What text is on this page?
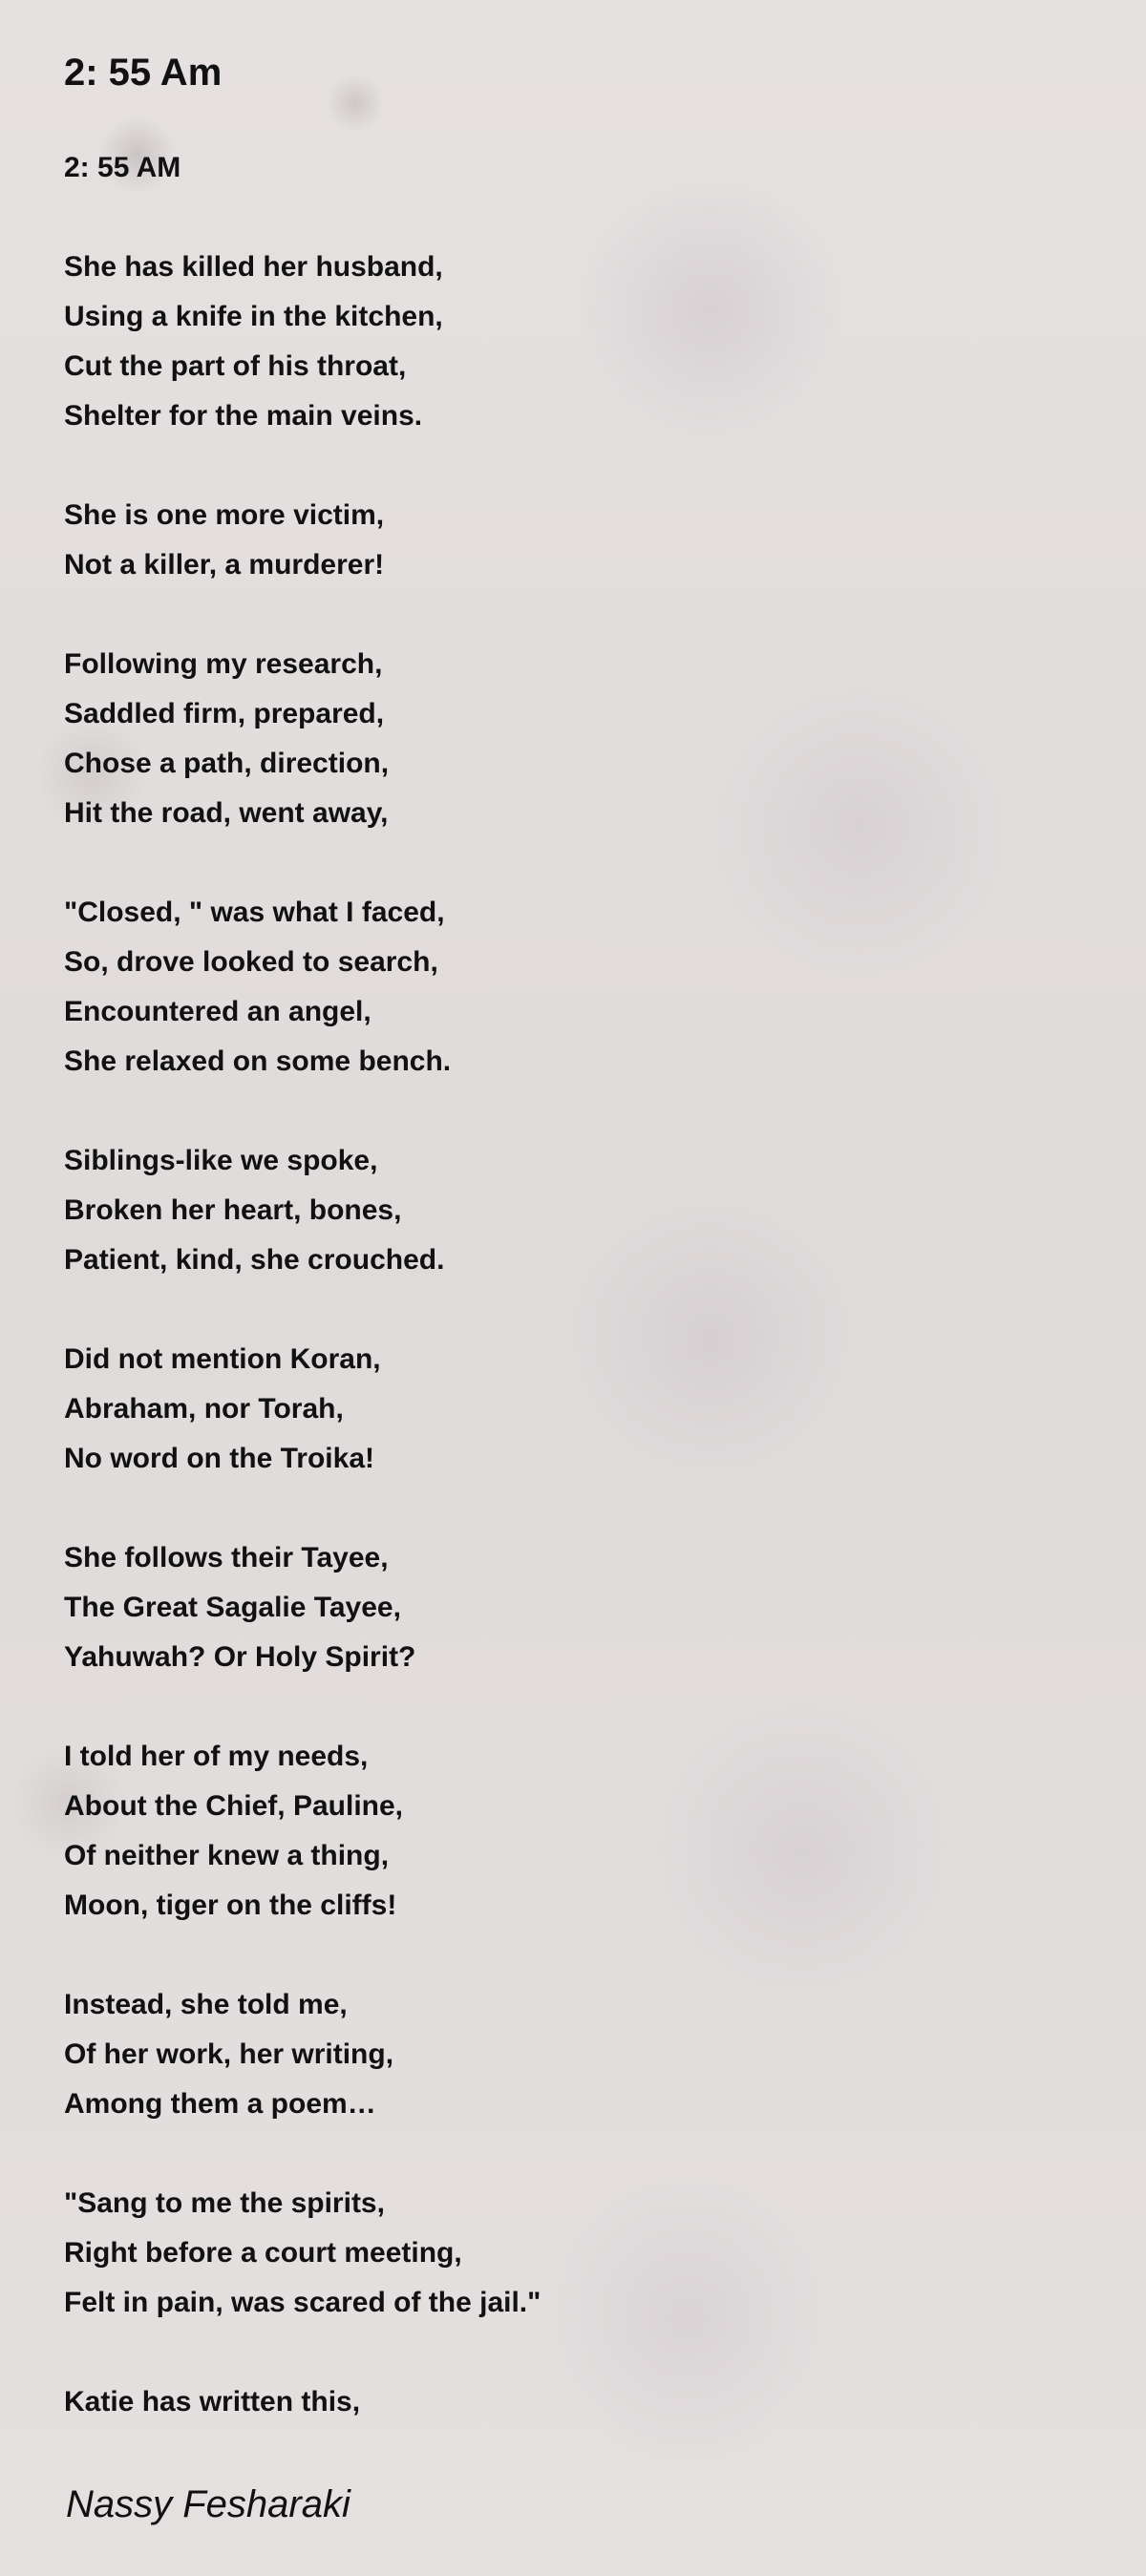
2: 55 Am
2: 55 AM
She has killed her husband,
Using a knife in the kitchen,
Cut the part of his throat,
Shelter for the main veins.
She is one more victim,
Not a killer, a murderer!
Following my research,
Saddled firm, prepared,
Chose a path, direction,
Hit the road, went away,
"Closed, " was what I faced,
So, drove looked to search,
Encountered an angel,
She relaxed on some bench.
Siblings-like we spoke,
Broken her heart, bones,
Patient, kind, she crouched.
Did not mention Koran,
Abraham, nor Torah,
No word on the Troika!
She follows their Tayee,
The Great Sagalie Tayee,
Yahuwah? Or Holy Spirit?
I told her of my needs,
About the Chief, Pauline,
Of neither knew a thing,
Moon, tiger on the cliffs!
Instead, she told me,
Of her work, her writing,
Among them a poem…
"Sang to me the spirits,
Right before a court meeting,
Felt in pain, was scared of the jail."
Katie has written this,
Nassy Fesharaki
